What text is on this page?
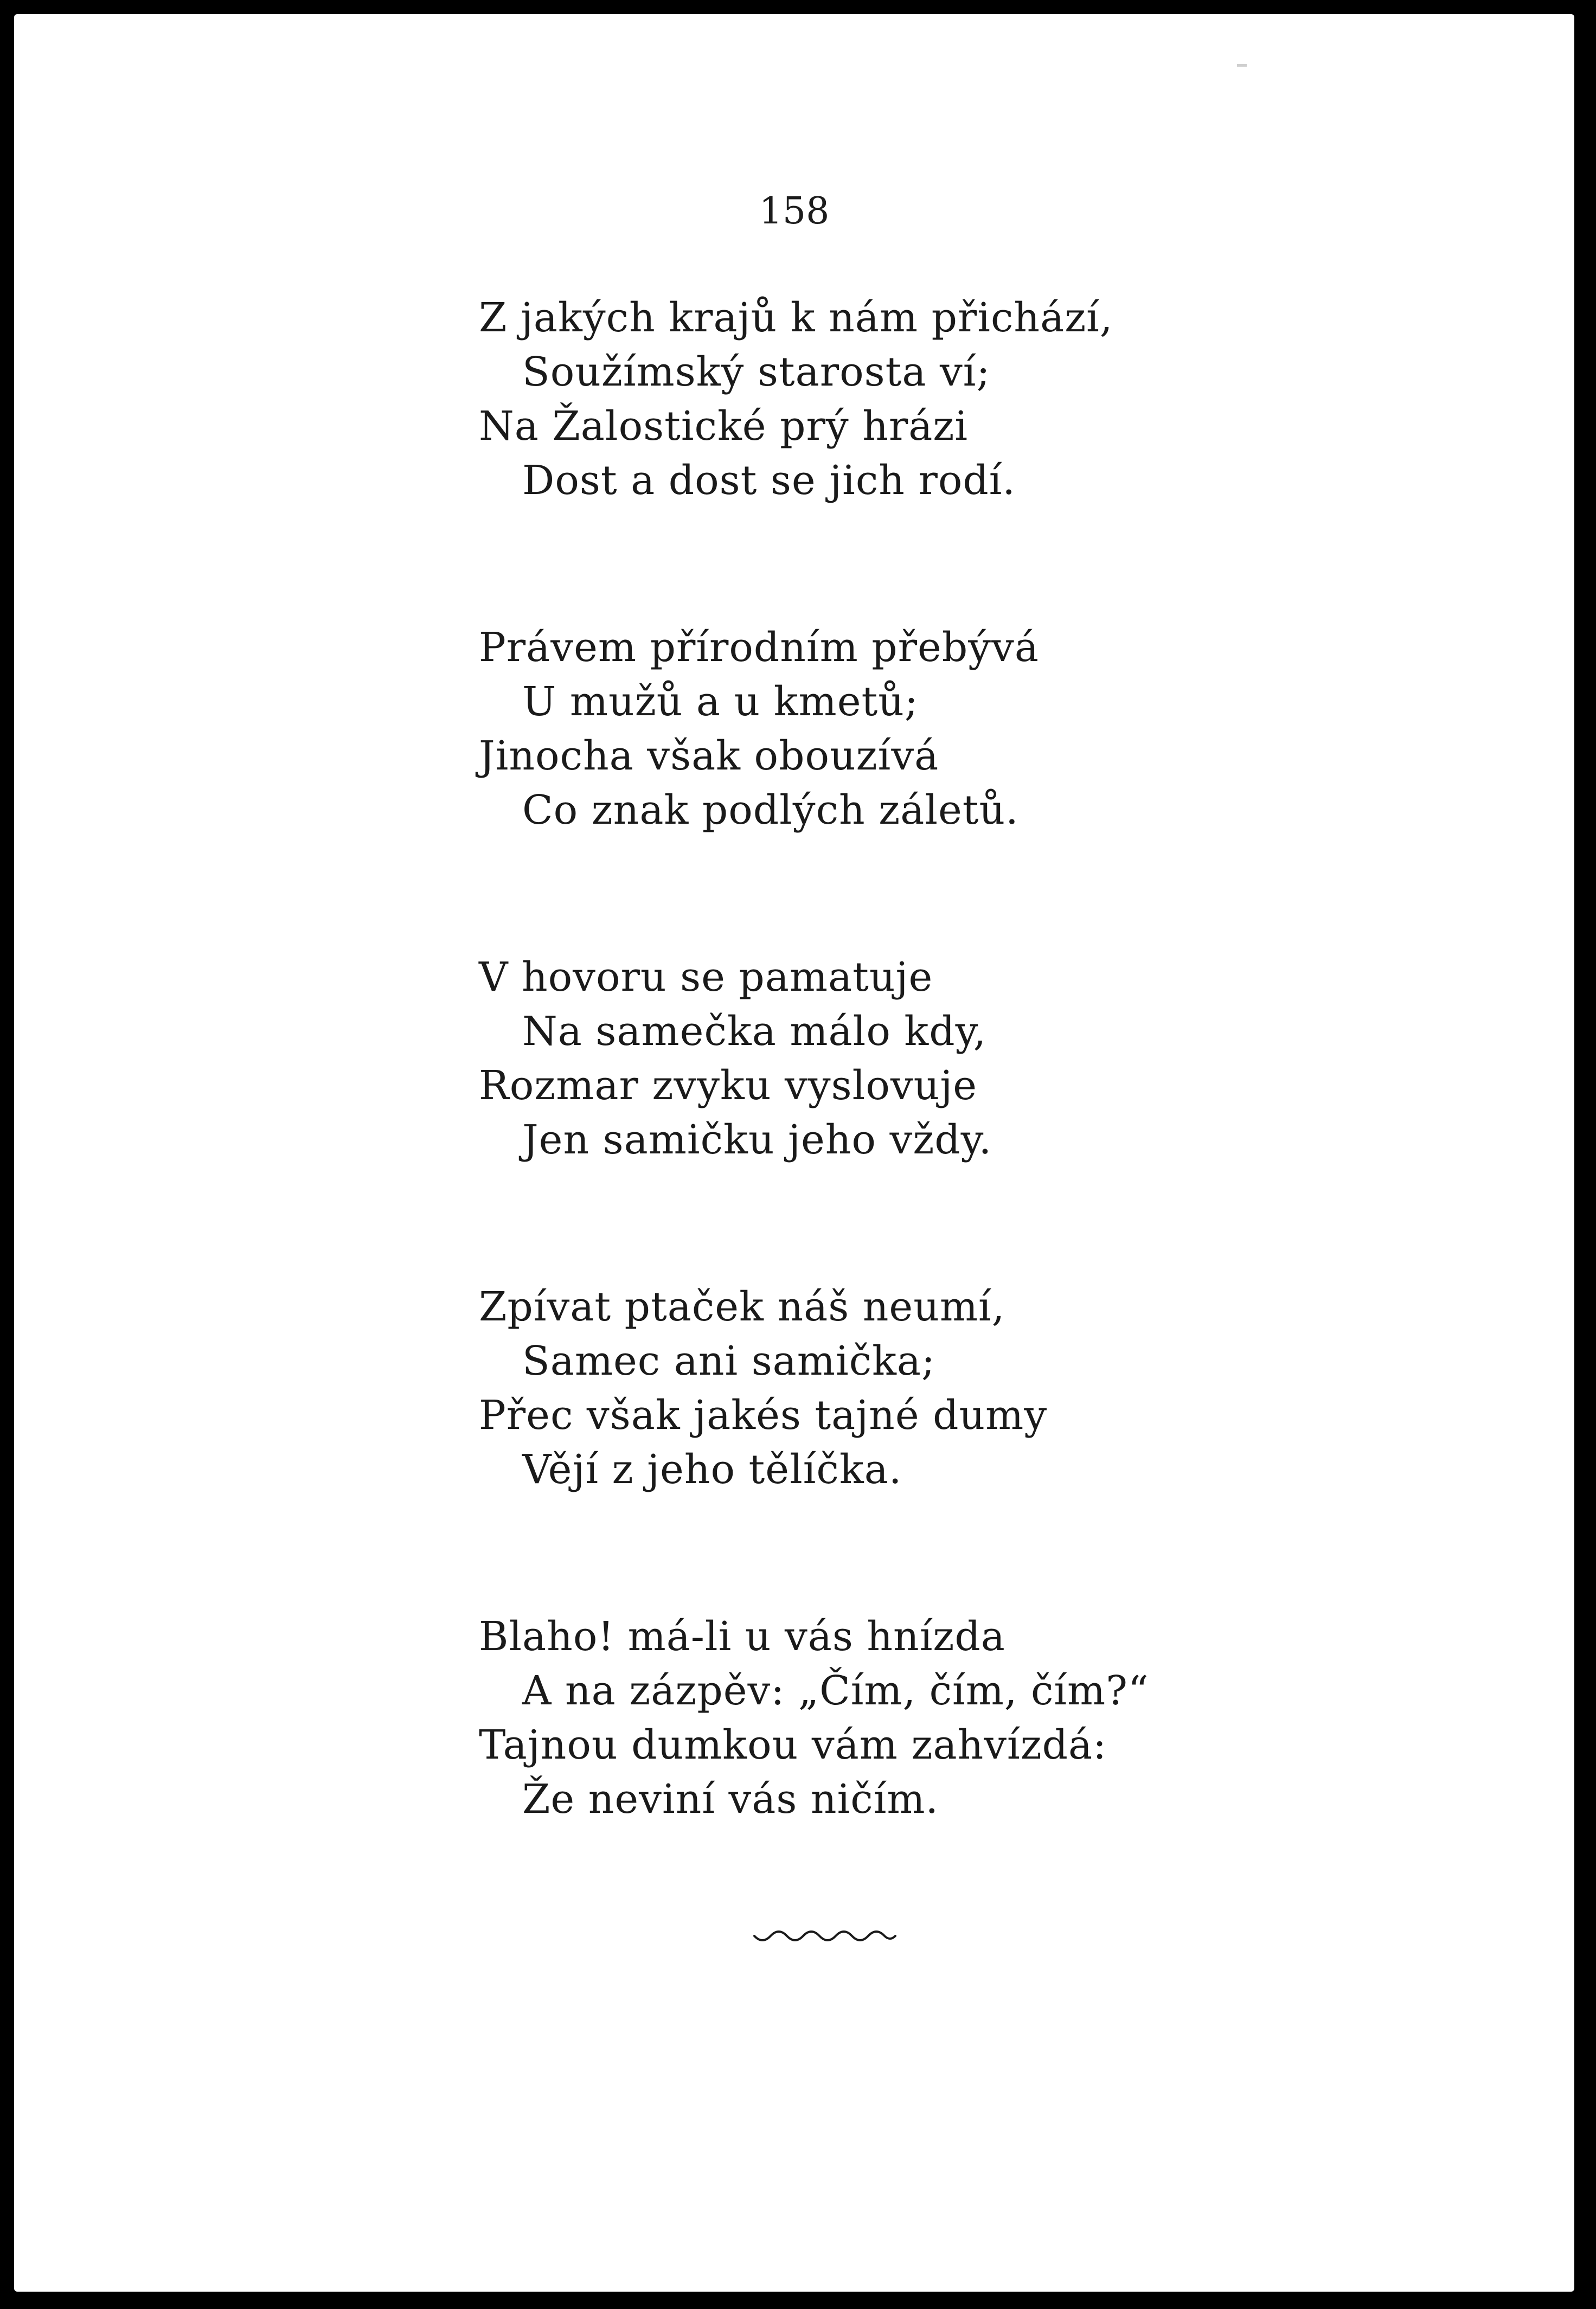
158
Z jakých krajů k nám přichází,
Soužímský starosta ví;
Na Žalostické prý hrázi
Dost a dost se jich rodí.
Právem přírodním přebývá
U mužů a u kmetů;
Jinocha však obouzívá
Co znak podlých záletů.
V hovoru se pamatuje
Na samečka málo kdy,
Rozmar zvyku vyslovuje
Jen samičku jeho vždy.
Zpívat ptaček náš neumí,
Samec ani samička;
Přec však jakés tajné dumy
Vějí z jeho tělíčka.
Blaho! má-li u vás hnízda
A na zázpěv: „Čím, čím, čím?“
Tajnou dumkou vám zahvízdá:
Že neviní vás ničím.
